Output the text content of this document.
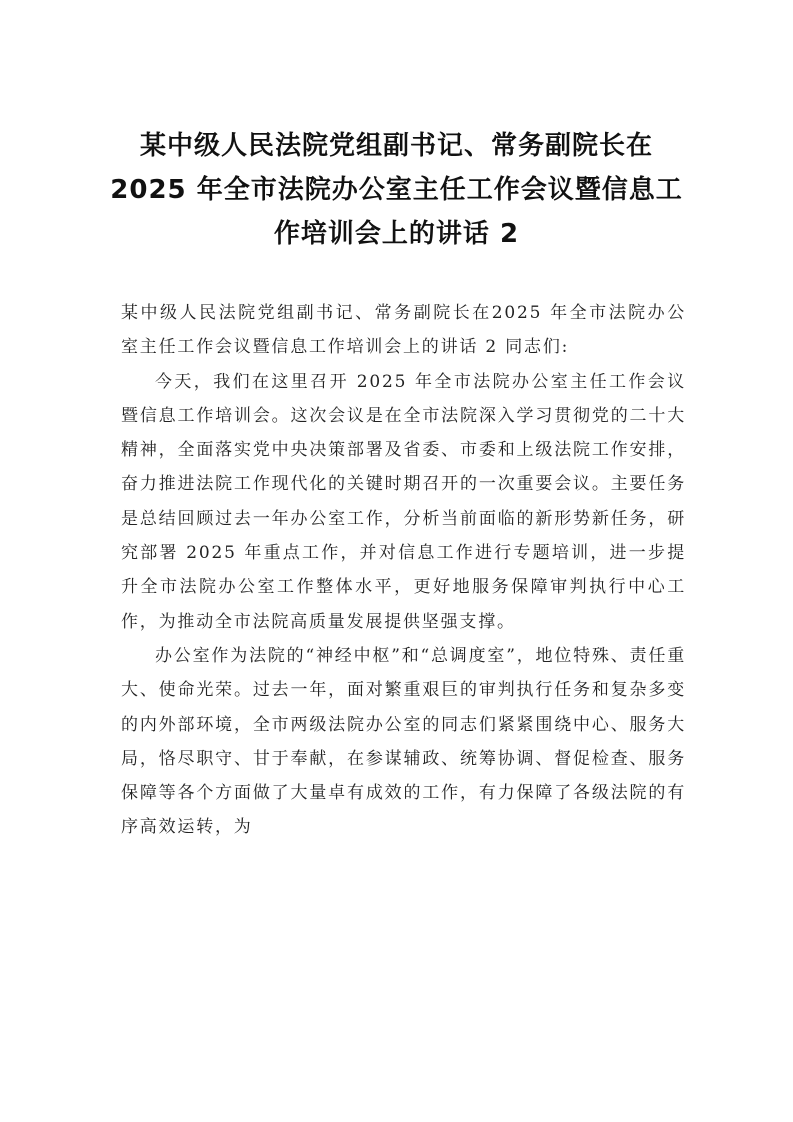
某中级人民法院党组副书记、常务副院长在2025 年全市法院办公室主任工作会议暨信息工作培训会上的讲话 2

某中级人民法院党组副书记、常务副院长在2025 年全市法院办公室主任工作会议暨信息工作培训会上的讲话 2 同志们:

今天，我们在这里召开 2025 年全市法院办公室主任工作会议暨信息工作培训会。这次会议是在全市法院深入学习贯彻党的二十大精神，全面落实党中央决策部署及省委、市委和上级法院工作安排，奋力推进法院工作现代化的关键时期召开的一次重要会议。主要任务是总结回顾过去一年办公室工作，分析当前面临的新形势新任务，研究部署 2025 年重点工作，并对信息工作进行专题培训，进一步提升全市法院办公室工作整体水平，更好地服务保障审判执行中心工作，为推动全市法院高质量发展提供坚强支撑。

办公室作为法院的“神经中枢”和“总调度室”，地位特殊、责任重大、使命光荣。过去一年，面对繁重艰巨的审判执行任务和复杂多变的内外部环境，全市两级法院办公室的同志们紧紧围绕中心、服务大局，恪尽职守、甘于奉献，在参谋辅政、统筹协调、督促检查、服务保障等各个方面做了大量卓有成效的工作，有力保障了各级法院的有序高效运转，为
